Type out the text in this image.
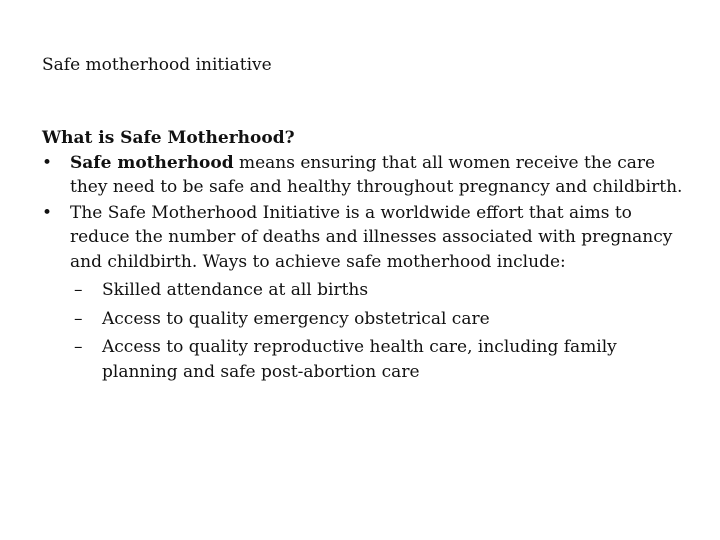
Safe motherhood initiative

What is Safe Motherhood?

•	Safe motherhood means ensuring that all women receive the care they need to be safe and healthy throughout pregnancy and childbirth.
•	The Safe Motherhood Initiative is a worldwide effort that aims to reduce the number of deaths and illnesses associated with pregnancy and childbirth. Ways to achieve safe motherhood include:
–	Skilled attendance at all births
–	Access to quality emergency obstetrical care
–	Access to quality reproductive health care, including family planning and safe post-abortion care
